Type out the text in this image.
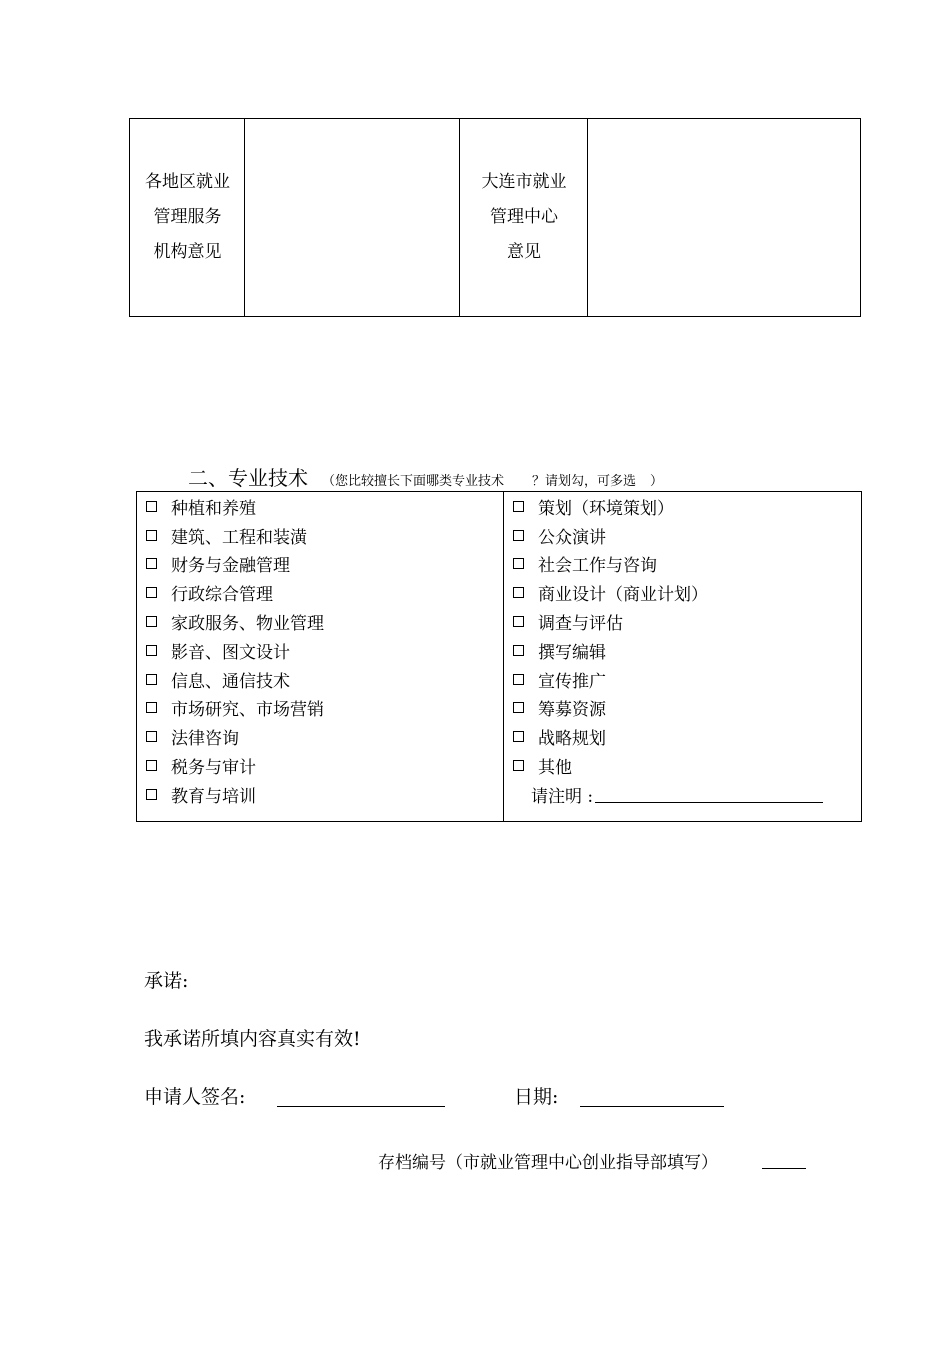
各地区就业
管理服务
机构意见
大连市就业
管理中心
意见
二、专业技术 （您比较擅长下面哪类专业技术 ？请划勾，可多选 ）
种植和养殖
建筑、工程和装潢
财务与金融管理
行政综合管理
家政服务、物业管理
影音、图文设计
信息、通信技术
市场研究、市场营销
法律咨询
税务与审计
教育与培训
策划（环境策划）
公众演讲
社会工作与咨询
商业设计（商业计划）
调查与评估
撰写编辑
宣传推广
筹募资源
战略规划
其他
请注明 :
承诺:
我承诺所填内容真实有效!
申请人签名:	日期:
存档编号（市就业管理中心创业指导部填写）
